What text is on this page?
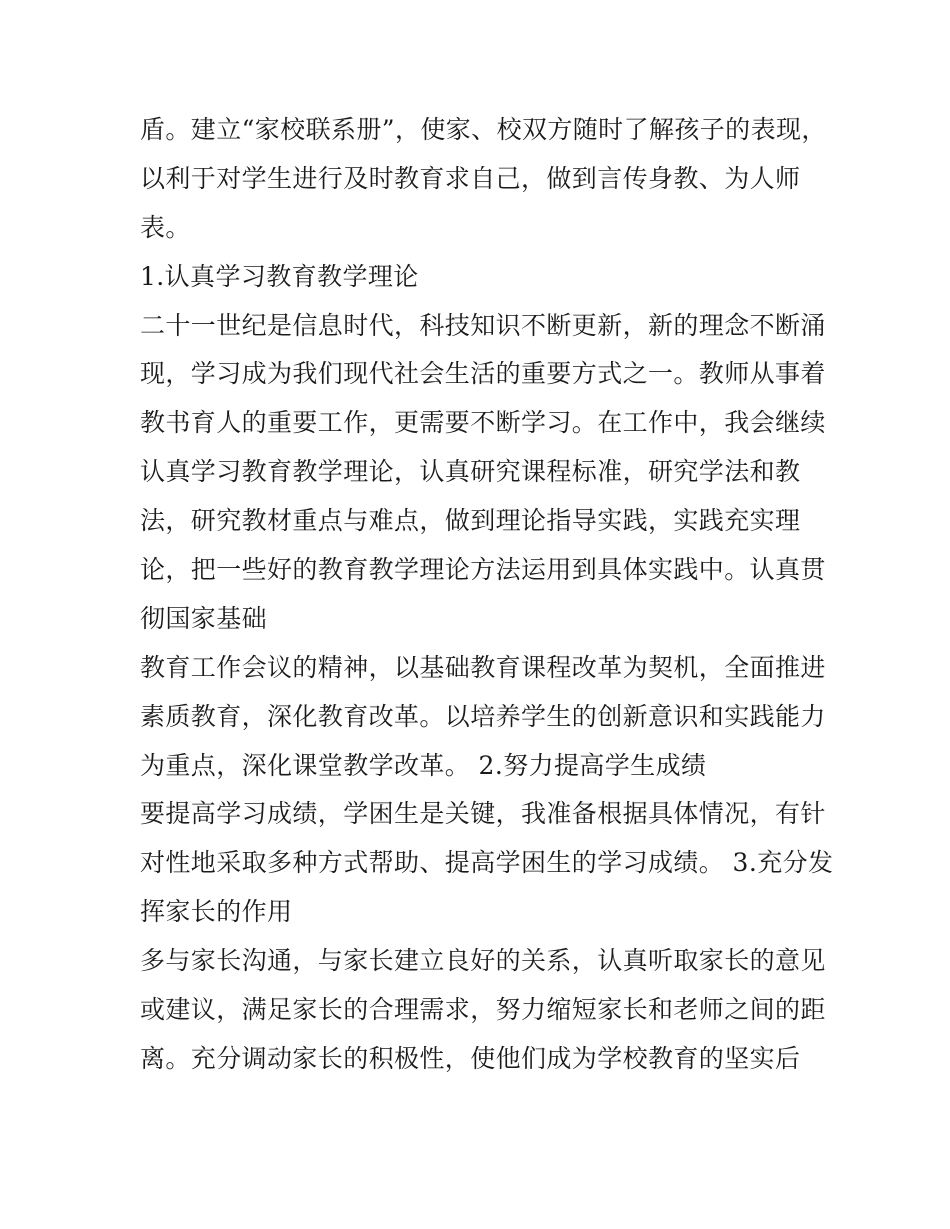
盾。建立“家校联系册”，使家、校双方随时了解孩子的表现，
以利于对学生进行及时教育求自己，做到言传身教、为人师
表。
1.认真学习教育教学理论
二十一世纪是信息时代，科技知识不断更新，新的理念不断涌
现，学习成为我们现代社会生活的重要方式之一。教师从事着
教书育人的重要工作，更需要不断学习。在工作中，我会继续
认真学习教育教学理论，认真研究课程标准，研究学法和教
法，研究教材重点与难点，做到理论指导实践，实践充实理
论，把一些好的教育教学理论方法运用到具体实践中。认真贯
彻国家基础
教育工作会议的精神，以基础教育课程改革为契机，全面推进
素质教育，深化教育改革。以培养学生的创新意识和实践能力
为重点，深化课堂教学改革。 2.努力提高学生成绩
要提高学习成绩，学困生是关键，我准备根据具体情况，有针
对性地采取多种方式帮助、提高学困生的学习成绩。 3.充分发
挥家长的作用
多与家长沟通，与家长建立良好的关系，认真听取家长的意见
或建议，满足家长的合理需求，努力缩短家长和老师之间的距
离。充分调动家长的积极性，使他们成为学校教育的坚实后
